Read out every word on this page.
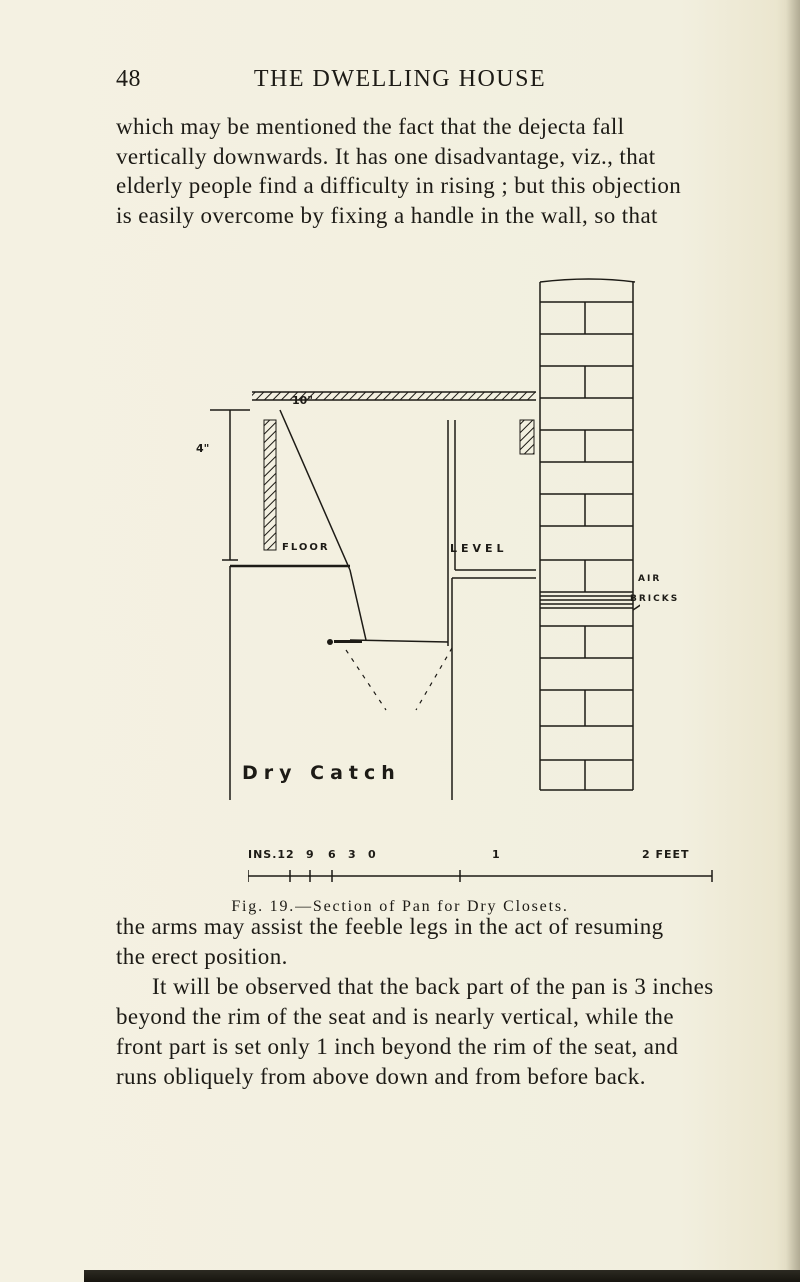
48	THE DWELLING HOUSE

which may be mentioned the fact that the dejecta fall
vertically downwards. It has one disadvantage, viz., that
elderly people find a difficulty in rising ; but this objection
is easily overcome by fixing a handle in the wall, so that

10"
4"
FLOOR	LEVEL
AIR
BRICKS
Dry Catch
INS.12 9 6 3 0	1	2 FEET
Fig. 19.—Section of Pan for Dry Closets.

the arms may assist the feeble legs in the act of resuming
the erect position.
It will be observed that the back part of the pan is 3 inches
beyond the rim of the seat and is nearly vertical, while the
front part is set only 1 inch beyond the rim of the seat, and
runs obliquely from above down and from before back.
